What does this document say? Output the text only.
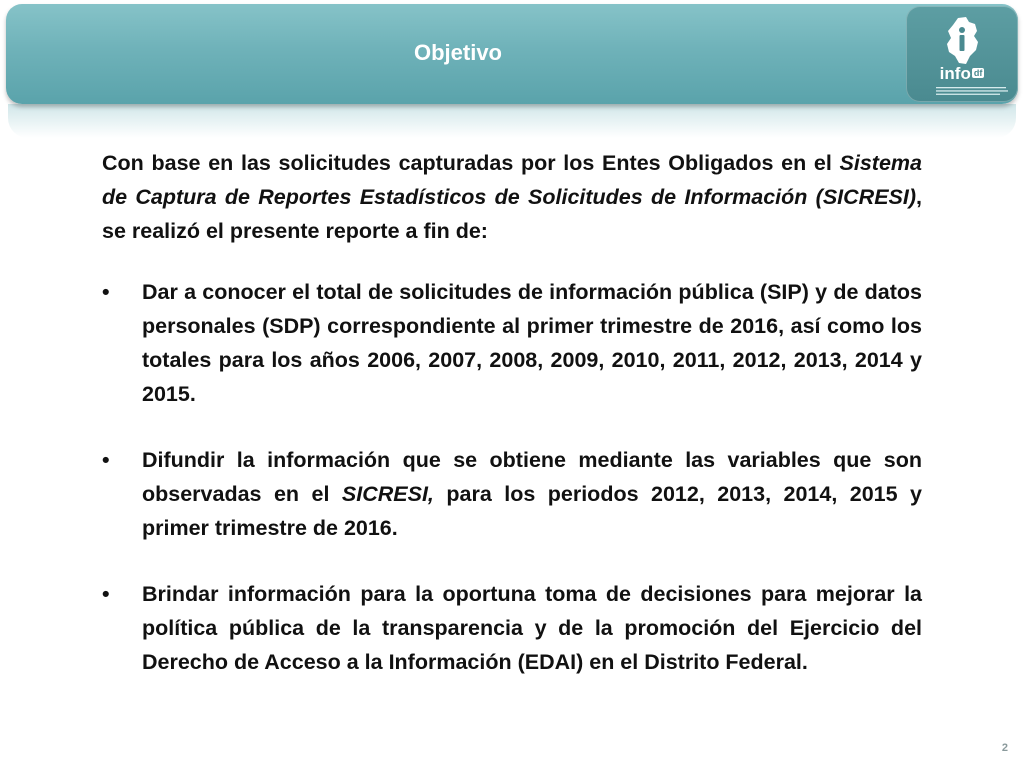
Objetivo
info df

Con base en las solicitudes capturadas por los Entes Obligados en el Sistema de Captura de Reportes Estadísticos de Solicitudes de Información (SICRESI), se realizó el presente reporte a fin de:

• Dar a conocer el total de solicitudes de información pública (SIP) y de datos personales (SDP) correspondiente al primer trimestre de 2016, así como los totales para los años 2006, 2007, 2008, 2009, 2010, 2011, 2012, 2013, 2014 y 2015.
• Difundir la información que se obtiene mediante las variables que son observadas en el SICRESI, para los periodos 2012, 2013, 2014, 2015 y primer trimestre de 2016.
• Brindar información para la oportuna toma de decisiones para mejorar la política pública de la transparencia y de la promoción del Ejercicio del Derecho de Acceso a la Información (EDAI) en el Distrito Federal.
2
